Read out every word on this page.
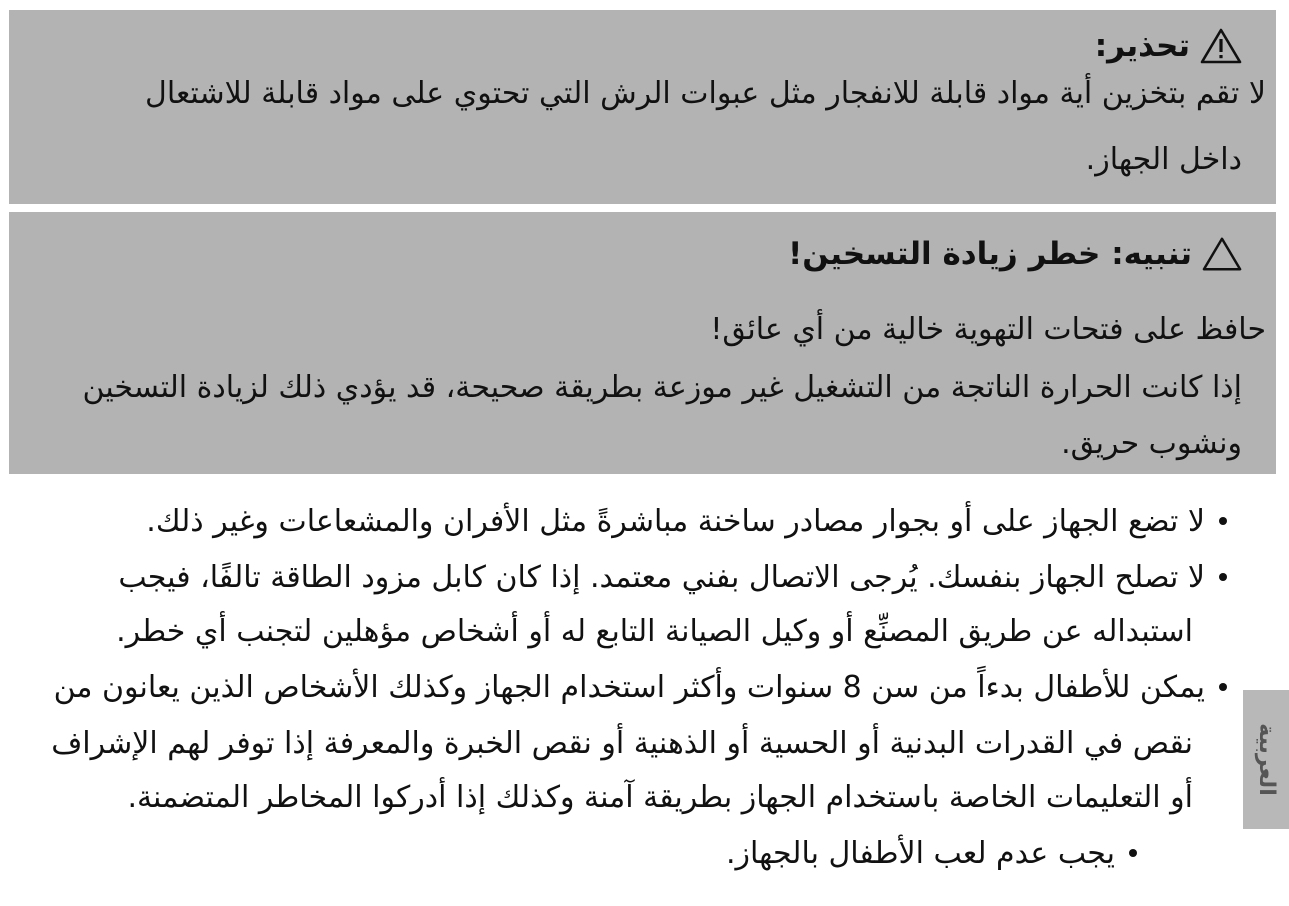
تحذير:
لا تقم بتخزين أية مواد قابلة للانفجار مثل عبوات الرش التي تحتوي على مواد قابلة للاشتعال
داخل الجهاز.
تنبيه: خطر زيادة التسخين!
حافظ على فتحات التهوية خالية من أي عائق!
إذا كانت الحرارة الناتجة من التشغيل غير موزعة بطريقة صحيحة، قد يؤدي ذلك لزيادة التسخين
ونشوب حريق.
لا تضع الجهاز على أو بجوار مصادر ساخنة مباشرةً مثل الأفران والمشعاعات وغير ذلك.
لا تصلح الجهاز بنفسك. يُرجى الاتصال بفني معتمد. إذا كان كابل مزود الطاقة تالفًا، فيجب
استبداله عن طريق المصنِّع أو وكيل الصيانة التابع له أو أشخاص مؤهلين لتجنب أي خطر.
يمكن للأطفال بدءاً من سن 8 سنوات وأكثر استخدام الجهاز وكذلك الأشخاص الذين يعانون من
نقص في القدرات البدنية أو الحسية أو الذهنية أو نقص الخبرة والمعرفة إذا توفر لهم الإشراف
أو التعليمات الخاصة باستخدام الجهاز بطريقة آمنة وكذلك إذا أدركوا المخاطر المتضمنة.
يجب عدم لعب الأطفال بالجهاز.
العربية
